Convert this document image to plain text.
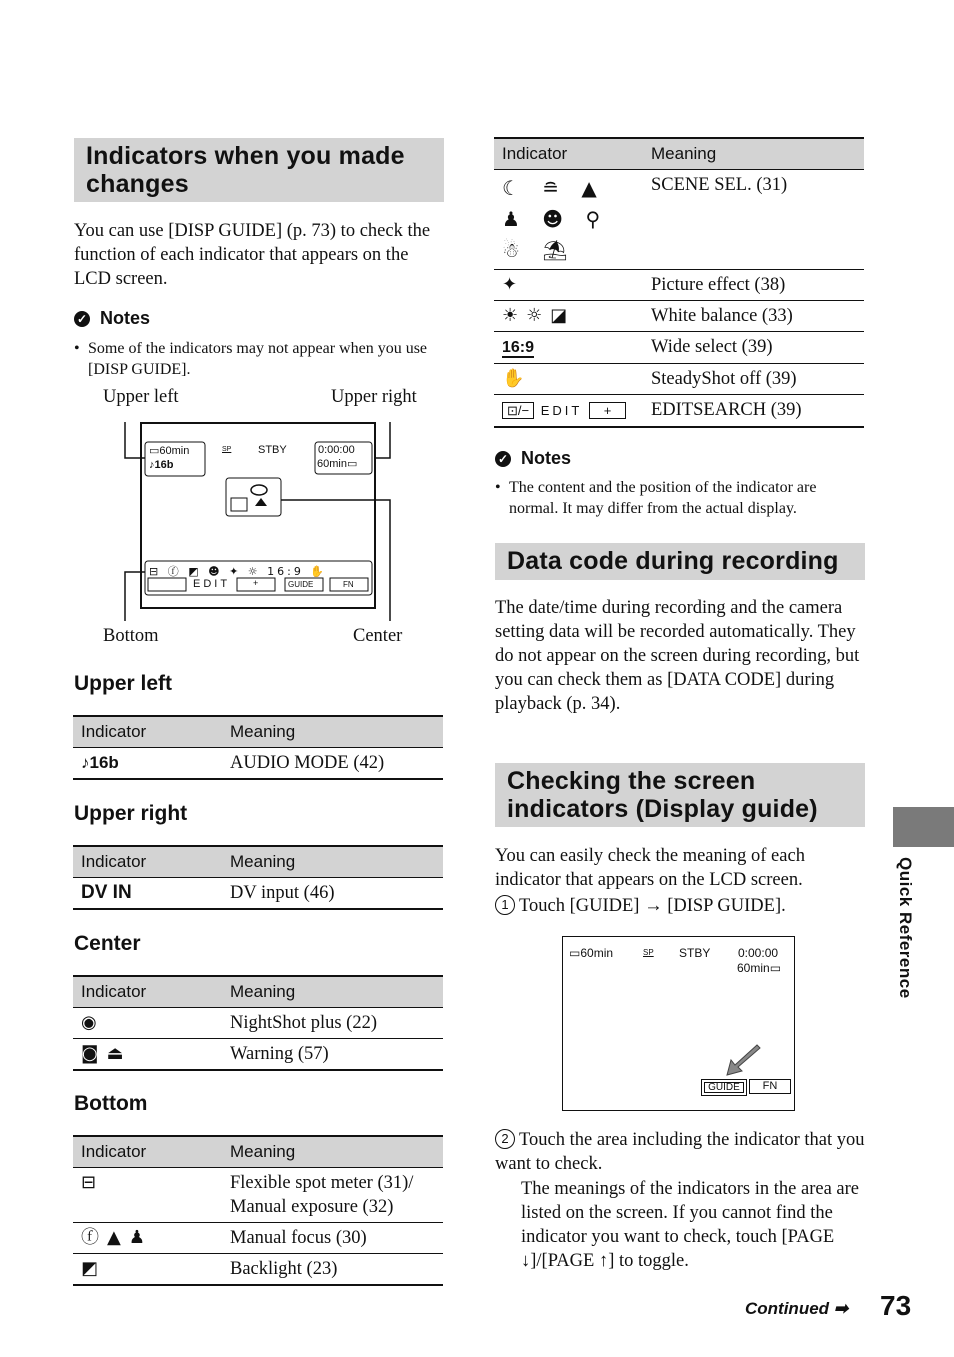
Indicators when you made changes
You can use [DISP GUIDE] (p. 73) to check the function of each indicator that appears on the LCD screen.
✓ Notes
• Some of the indicators may not appear when you use [DISP GUIDE].
Upper left	Upper right
Bottom	Center
▭60min
♪16b
SP STBY	0:00:00
60min▭
⊟ ⓕ ◩ ☻ ✦ ☼ 16:9 ✋
EDIT	+	GUIDE	FN
Upper left
Indicator	Meaning
♪16b	AUDIO MODE (42)
Upper right
Indicator	Meaning
DV IN	DV input (46)
Center
Indicator	Meaning
◉	NightShot plus (22)
◙⏏	Warning (57)
Bottom
Indicator	Meaning
⊟	Flexible spot meter (31)/ Manual exposure (32)
ⓕ▲♟	Manual focus (30)
◩	Backlight (23)
Indicator	Meaning
☾ ≘ ▲
♟ ☻ ⚲
☃ ⛱	SCENE SEL. (31)
✦	Picture effect (38)
☀☼◪	White balance (33)
16:9	Wide select (39)
✋	SteadyShot off (39)
⊡/− EDIT +	EDITSEARCH (39)
✓ Notes
• The content and the position of the indicator are normal. It may differ from the actual display.
Data code during recording
The date/time during recording and the camera setting data will be recorded automatically. They do not appear on the screen during recording, but you can check them as [DATA CODE] during playback (p. 34).
Checking the screen indicators (Display guide)
You can easily check the meaning of each indicator that appears on the LCD screen.
1 Touch [GUIDE] → [DISP GUIDE].
▭60min	SP STBY 0:00:00
60min▭
GUIDE	FN
2 Touch the area including the indicator that you want to check.
The meanings of the indicators in the area are listed on the screen. If you cannot find the indicator you want to check, touch [PAGE ↓]/[PAGE ↑] to toggle.
Quick Reference
Continued ➡ 73
